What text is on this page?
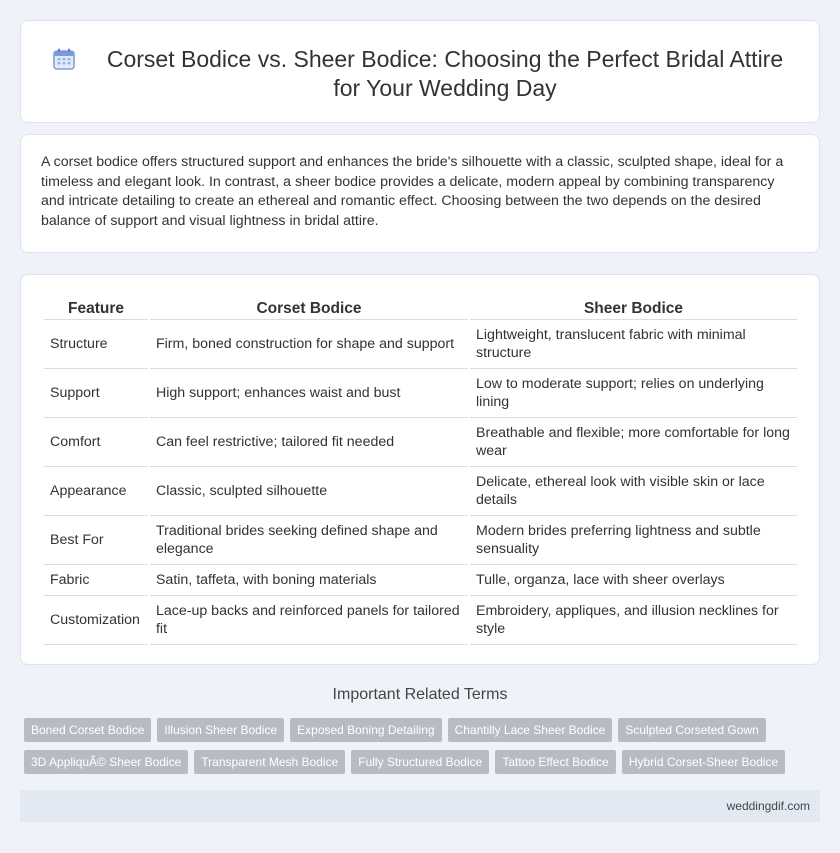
Corset Bodice vs. Sheer Bodice: Choosing the Perfect Bridal Attire for Your Wedding Day

A corset bodice offers structured support and enhances the bride's silhouette with a classic, sculpted shape, ideal for a timeless and elegant look. In contrast, a sheer bodice provides a delicate, modern appeal by combining transparency and intricate detailing to create an ethereal and romantic effect. Choosing between the two depends on the desired balance of support and visual lightness in bridal attire.

Feature	Corset Bodice	Sheer Bodice
Structure	Firm, boned construction for shape and support	Lightweight, translucent fabric with minimal structure
Support	High support; enhances waist and bust	Low to moderate support; relies on underlying lining
Comfort	Can feel restrictive; tailored fit needed	Breathable and flexible; more comfortable for long wear
Appearance	Classic, sculpted silhouette	Delicate, ethereal look with visible skin or lace details
Best For	Traditional brides seeking defined shape and elegance	Modern brides preferring lightness and subtle sensuality
Fabric	Satin, taffeta, with boning materials	Tulle, organza, lace with sheer overlays
Customization	Lace-up backs and reinforced panels for tailored fit	Embroidery, appliques, and illusion necklines for style
Important Related Terms
Boned Corset Bodice	Illusion Sheer Bodice	Exposed Boning Detailing	Chantilly Lace Sheer Bodice	Sculpted Corseted Gown
3D AppliquÃ© Sheer Bodice	Transparent Mesh Bodice	Fully Structured Bodice	Tattoo Effect Bodice	Hybrid Corset-Sheer Bodice
weddingdif.com
